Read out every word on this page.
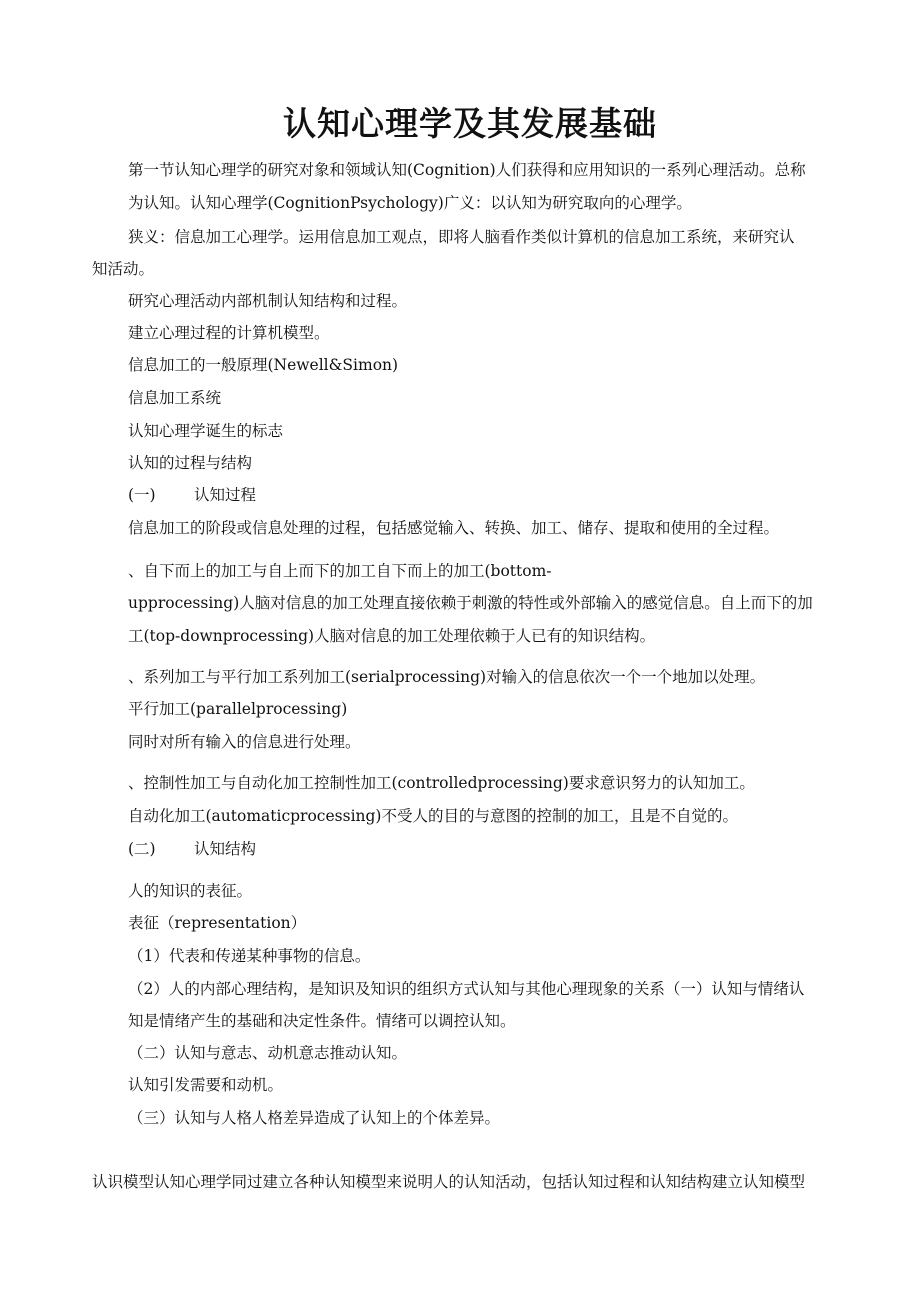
认知心理学及其发展基础
第一节认知心理学的研究对象和领域认知(Cognition)人们获得和应用知识的一系列心理活动。总称
为认知。认知心理学(CognitionPsychology)广义：以认知为研究取向的心理学。
狭义：信息加工心理学。运用信息加工观点，即将人脑看作类似计算机的信息加工系统，来研究认
知活动。
研究心理活动内部机制认知结构和过程。
建立心理过程的计算机模型。
信息加工的一般原理(Newell&Simon)
信息加工系统
认知心理学诞生的标志
认知的过程与结构
(一) 认知过程
信息加工的阶段或信息处理的过程，包括感觉输入、转换、加工、储存、提取和使用的全过程。
、自下而上的加工与自上而下的加工自下而上的加工(bottom-
upprocessing)人脑对信息的加工处理直接依赖于刺激的特性或外部输入的感觉信息。自上而下的加
工(top-downprocessing)人脑对信息的加工处理依赖于人已有的知识结构。
、系列加工与平行加工系列加工(serialprocessing)对输入的信息依次一个一个地加以处理。
平行加工(parallelprocessing)
同时对所有输入的信息进行处理。
、控制性加工与自动化加工控制性加工(controlledprocessing)要求意识努力的认知加工。
自动化加工(automaticprocessing)不受人的目的与意图的控制的加工，且是不自觉的。
(二) 认知结构
人的知识的表征。
表征（representation）
（1）代表和传递某种事物的信息。
（2）人的内部心理结构，是知识及知识的组织方式认知与其他心理现象的关系（一）认知与情绪认
知是情绪产生的基础和决定性条件。情绪可以调控认知。
（二）认知与意志、动机意志推动认知。
认知引发需要和动机。
（三）认知与人格人格差异造成了认知上的个体差异。
认识模型认知心理学同过建立各种认知模型来说明人的认知活动，包括认知过程和认知结构建立认知模型
